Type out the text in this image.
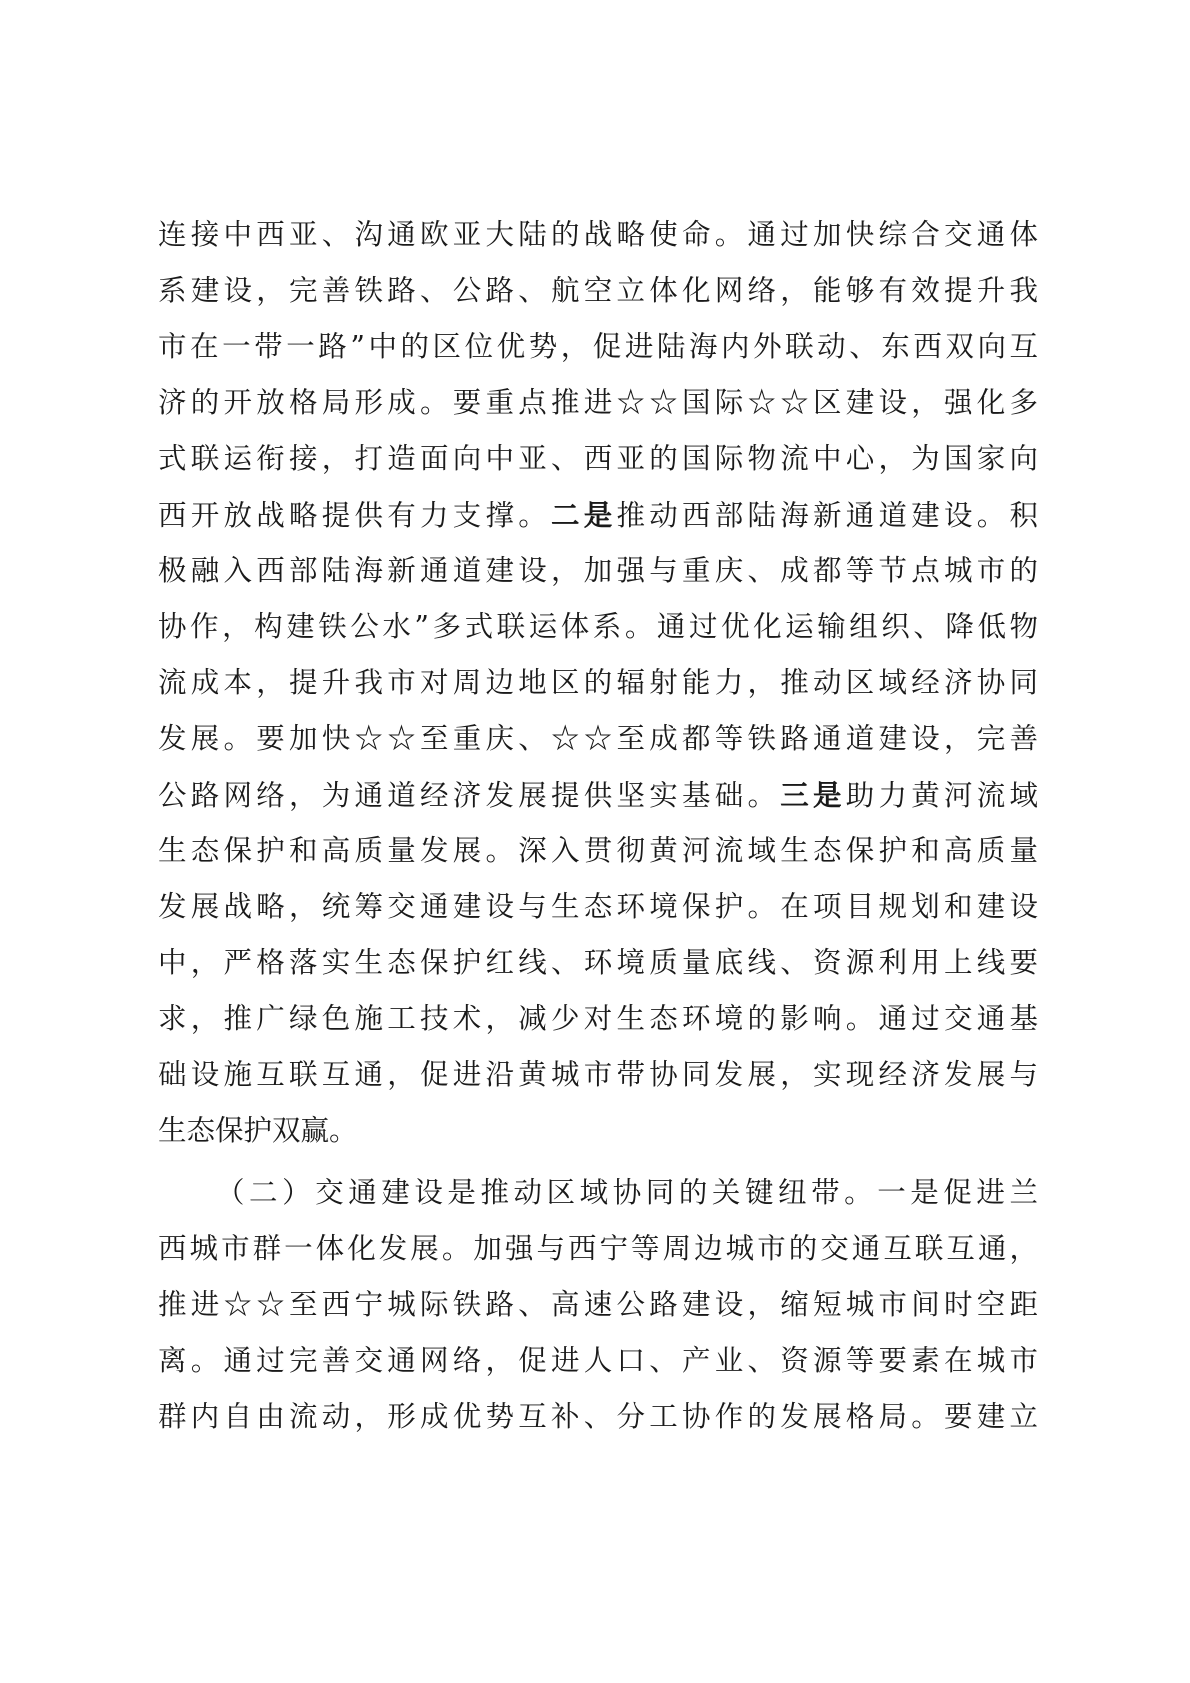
连接中西亚、沟通欧亚大陆的战略使命。通过加快综合交通体
系建设，完善铁路、公路、航空立体化网络，能够有效提升我
市在一带一路”中的区位优势，促进陆海内外联动、东西双向互
济的开放格局形成。要重点推进☆☆国际☆☆区建设，强化多
式联运衔接，打造面向中亚、西亚的国际物流中心，为国家向
西开放战略提供有力支撑。二是推动西部陆海新通道建设。积
极融入西部陆海新通道建设，加强与重庆、成都等节点城市的
协作，构建铁公水”多式联运体系。通过优化运输组织、降低物
流成本，提升我市对周边地区的辐射能力，推动区域经济协同
发展。要加快☆☆至重庆、☆☆至成都等铁路通道建设，完善
公路网络，为通道经济发展提供坚实基础。三是助力黄河流域
生态保护和高质量发展。深入贯彻黄河流域生态保护和高质量
发展战略，统筹交通建设与生态环境保护。在项目规划和建设
中，严格落实生态保护红线、环境质量底线、资源利用上线要
求，推广绿色施工技术，减少对生态环境的影响。通过交通基
础设施互联互通，促进沿黄城市带协同发展，实现经济发展与
生态保护双赢。
（二）交通建设是推动区域协同的关键纽带。一是促进兰
西城市群一体化发展。加强与西宁等周边城市的交通互联互通，
推进☆☆至西宁城际铁路、高速公路建设，缩短城市间时空距
离。通过完善交通网络，促进人口、产业、资源等要素在城市
群内自由流动，形成优势互补、分工协作的发展格局。要建立
